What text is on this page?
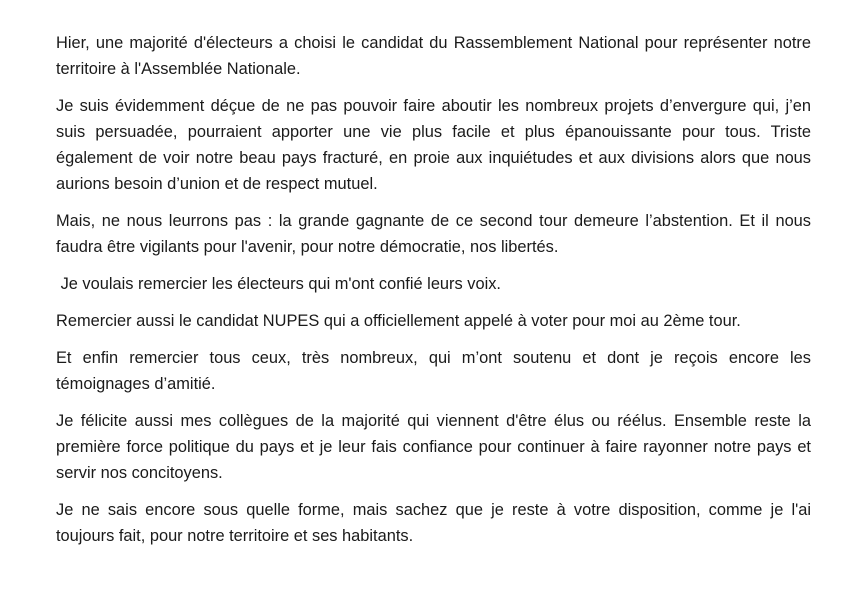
Hier, une majorité d'électeurs a choisi le candidat du Rassemblement National pour représenter notre territoire à l'Assemblée Nationale.

Je suis évidemment déçue de ne pas pouvoir faire aboutir les nombreux projets d’envergure qui, j’en suis persuadée, pourraient apporter une vie plus facile et plus épanouissante pour tous. Triste également de voir notre beau pays fracturé, en proie aux inquiétudes et aux divisions alors que nous aurions besoin d’union et de respect mutuel.

Mais, ne nous leurrons pas : la grande gagnante de ce second tour demeure l’abstention. Et il nous faudra être vigilants pour l'avenir, pour notre démocratie, nos libertés.

Je voulais remercier les électeurs qui m'ont confié leurs voix.

Remercier aussi le candidat NUPES qui a officiellement appelé à voter pour moi au 2ème tour.

Et enfin remercier tous ceux, très nombreux, qui m’ont soutenu et dont je reçois encore les témoignages d’amitié.

Je félicite aussi mes collègues de la majorité qui viennent d'être élus ou réélus. Ensemble reste la première force politique du pays et je leur fais confiance pour continuer à faire rayonner notre pays et servir nos concitoyens.

Je ne sais encore sous quelle forme, mais sachez que je reste à votre disposition, comme je l'ai toujours fait, pour notre territoire et ses habitants.
